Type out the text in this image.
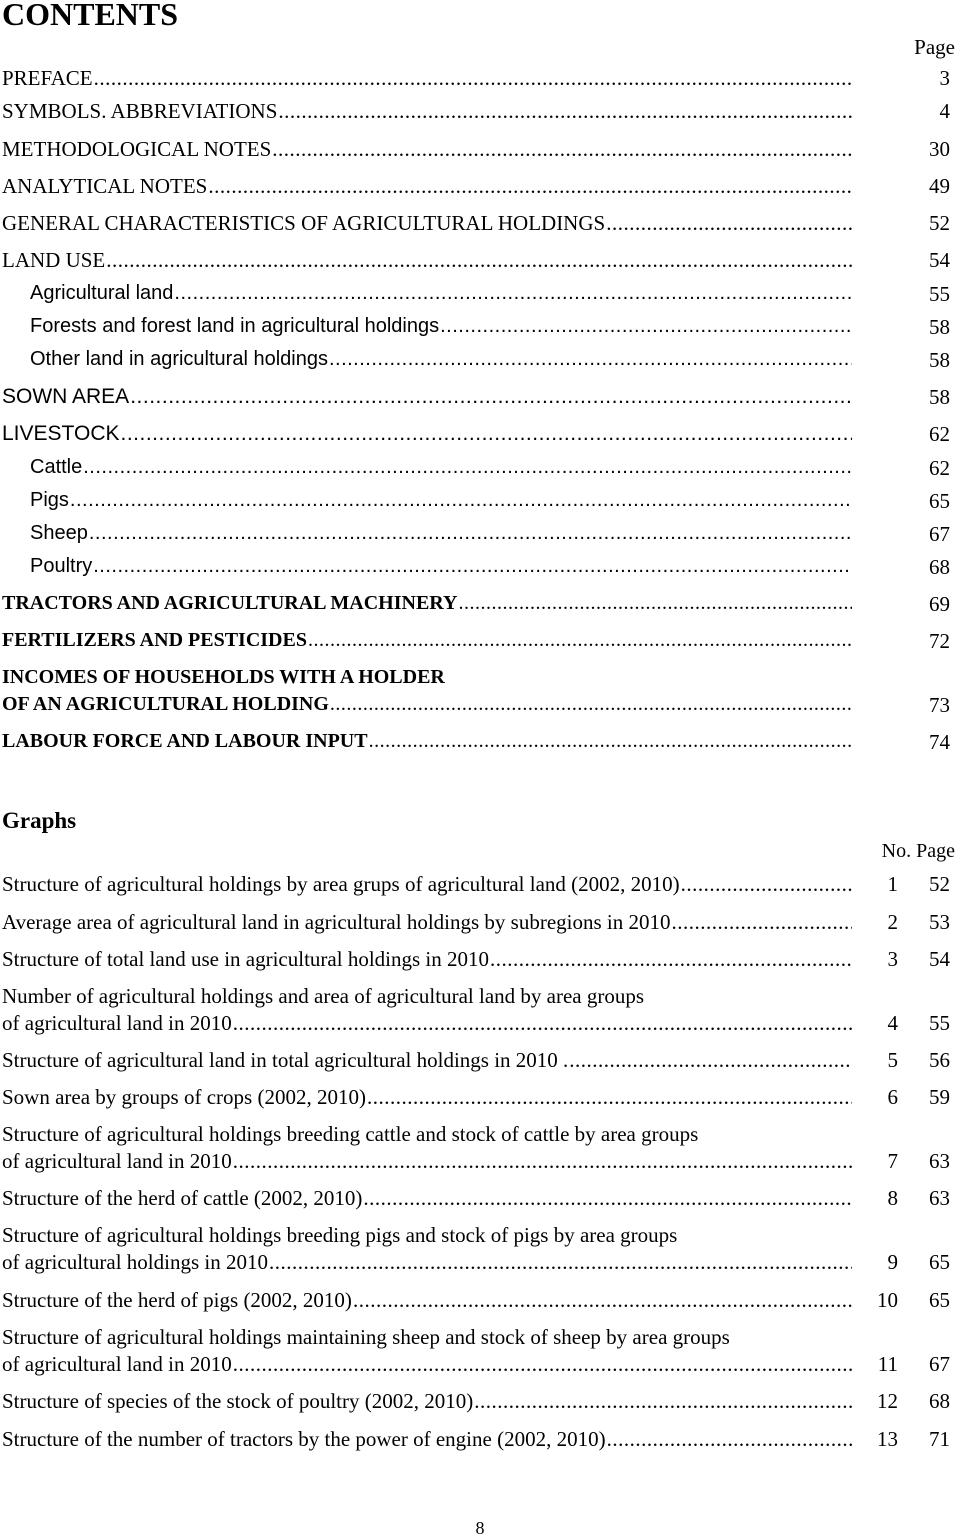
CONTENTS
Page
PREFACE .....	3
SYMBOLS. ABBREVIATIONS .....	4
METHODOLOGICAL NOTES .....	30
ANALYTICAL NOTES .....	49
GENERAL CHARACTERISTICS OF AGRICULTURAL HOLDINGS .....	52
LAND USE .....	54
Agricultural land .....	55
Forests and forest land in agricultural holdings .....	58
Other land in agricultural holdings .....	58
SOWN AREA .....	58
LIVESTOCK .....	62
Cattle .....	62
Pigs .....	65
Sheep .....	67
Poultry .....	68
TRACTORS AND AGRICULTURAL MACHINERY .....	69
FERTILIZERS AND PESTICIDES .....	72
INCOMES OF HOUSEHOLDS WITH A HOLDER
OF AN AGRICULTURAL HOLDING .....	73
LABOUR FORCE AND LABOUR INPUT .....	74
Graphs
No. Page
Structure of agricultural holdings by area grups of agricultural land (2002, 2010) .....	1 52
Average area of agricultural land in agricultural holdings by subregions in 2010 .....	2 53
Structure of total land use in agricultural holdings in 2010 .....	3 54
Number of agricultural holdings and area of agricultural land by area groups
of agricultural land in 2010 .....	4 55
Structure of agricultural land in total agricultural holdings in 2010 . .....	5 56
Sown area by groups of crops (2002, 2010) .....	6 59
Structure of agricultural holdings breeding cattle and stock of cattle by area groups
of agricultural land in 2010 .....	7 63
Structure of the herd of cattle (2002, 2010) .....	8 63
Structure of agricultural holdings breeding pigs and stock of pigs by area groups
of agricultural holdings in 2010 .....	9 65
Structure of the herd of pigs (2002, 2010) .....	10 65
Structure of agricultural holdings maintaining sheep and stock of sheep by area groups
of agricultural land in 2010 .....	11 67
Structure of species of the stock of poultry (2002, 2010) .....	12 68
Structure of the number of tractors by the power of engine (2002, 2010) .....	13 71
8
